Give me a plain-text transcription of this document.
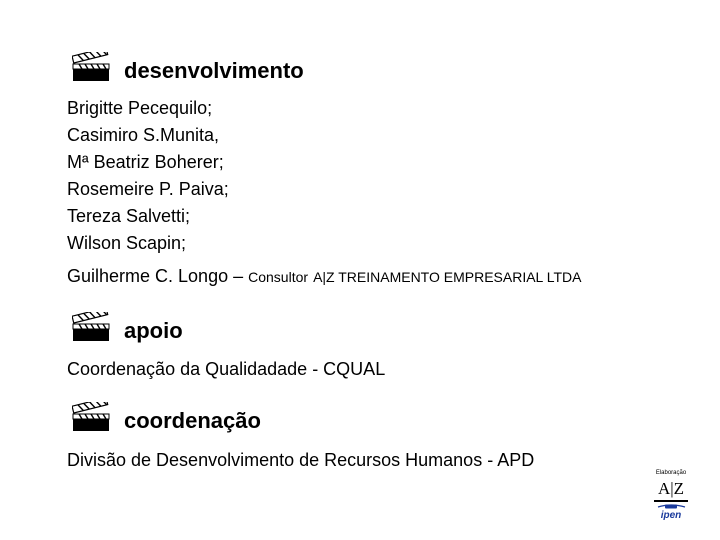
desenvolvimento
Brigitte Pecequilo;
Casimiro S.Munita,
Mª Beatriz Boherer;
Rosemeire P. Paiva;
Tereza Salvetti;
Wilson Scapin;
Guilherme C. Longo – Consultor A|Z TREINAMENTO EMPRESARIAL LTDA
apoio
Coordenação da Qualidadade - CQUAL
coordenação
Divisão de Desenvolvimento de Recursos Humanos - APD
Elaboração
A|Z
ipen
